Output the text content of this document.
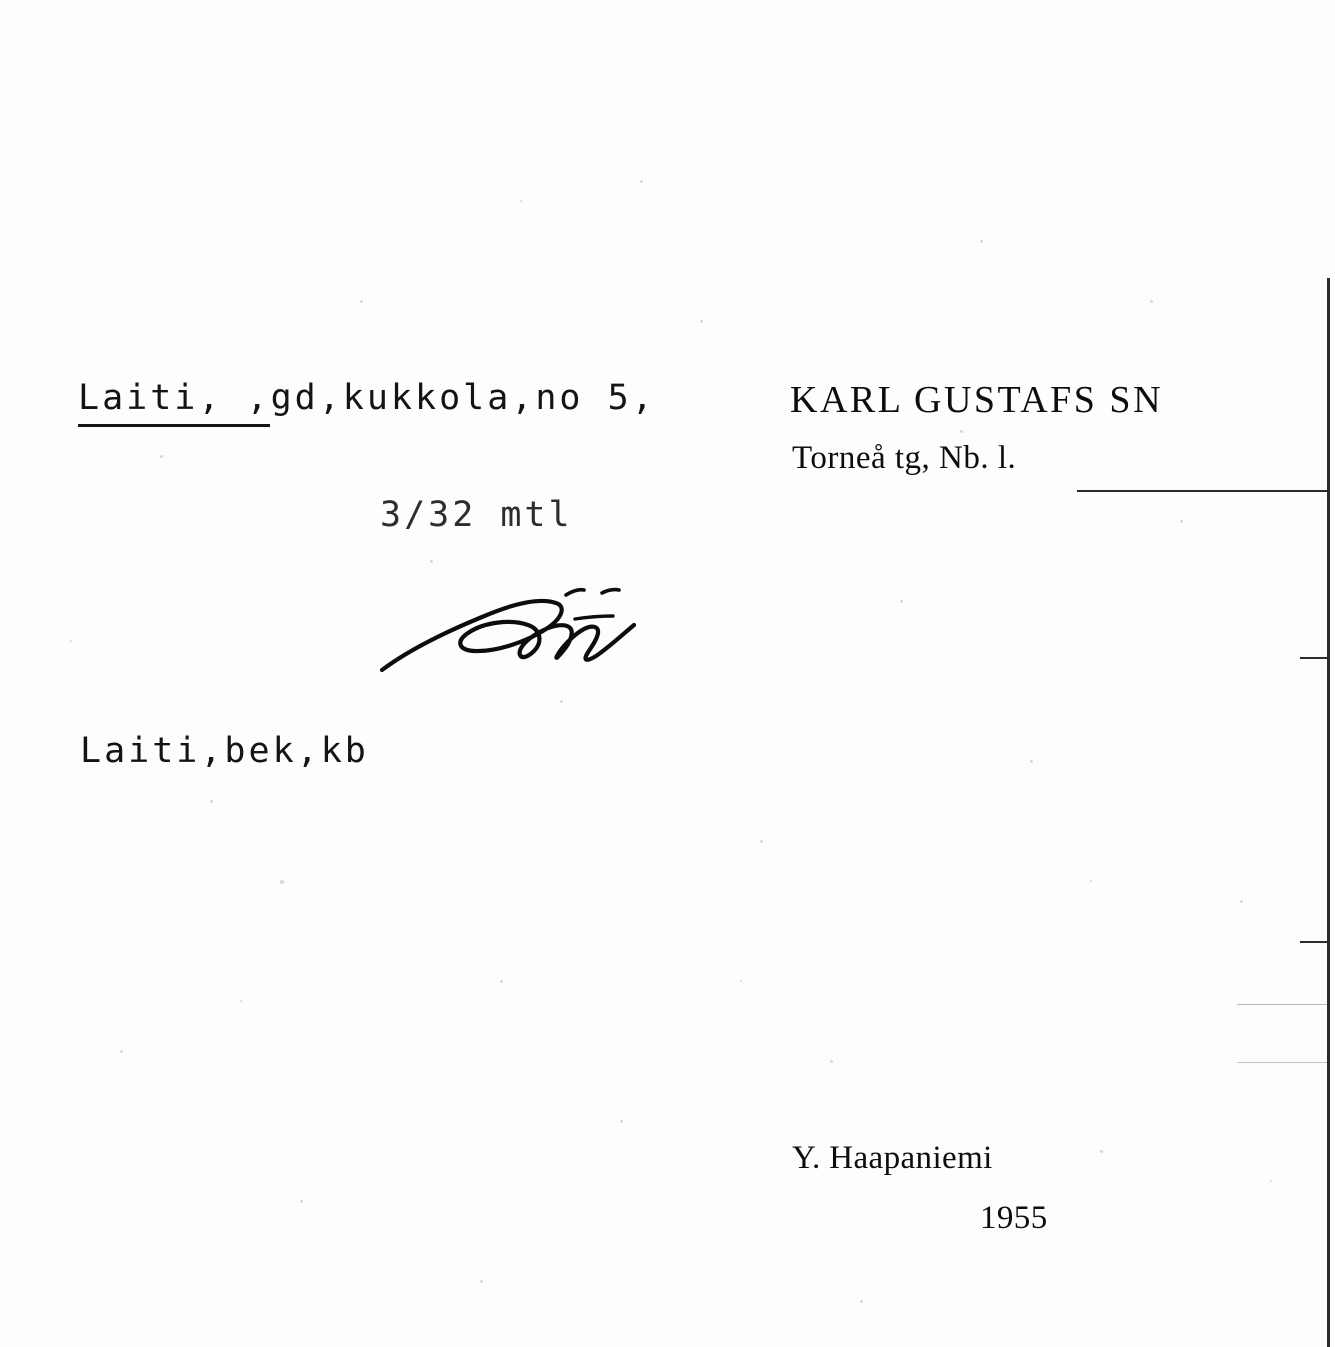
Laiti, ,gd,kukkola,no 5,	KARL GUSTAFS SN
Torneå tg, Nb. l.
3/32 mtl
Laiti,bek,kb
Y. Haapaniemi
1955
